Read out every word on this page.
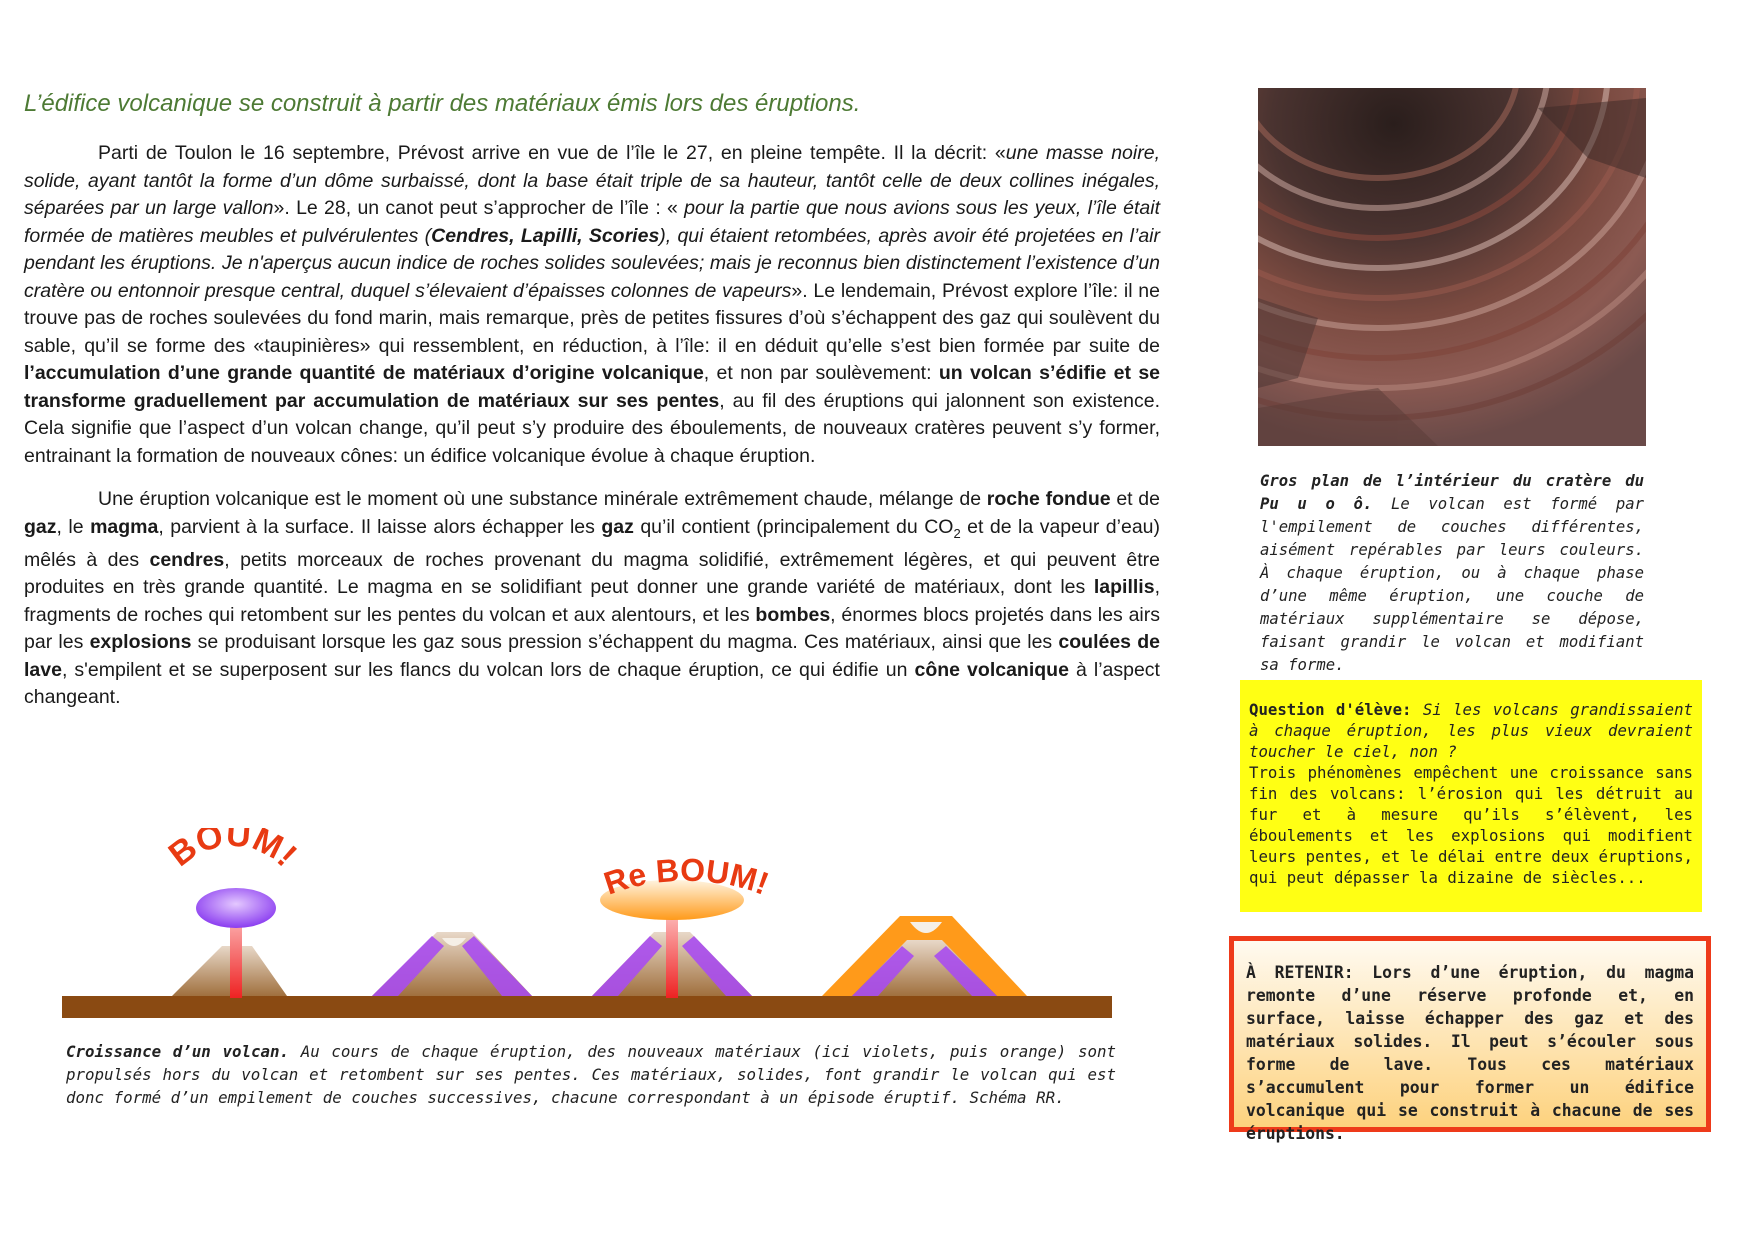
L’édifice volcanique se construit à partir des matériaux émis lors des éruptions.

Parti de Toulon le 16 septembre, Prévost arrive en vue de l’île le 27, en pleine tempête. Il la décrit: «une masse noire, solide, ayant tantôt la forme d’un dôme surbaissé, dont la base était triple de sa hauteur, tantôt celle de deux collines inégales, séparées par un large vallon». Le 28, un canot peut s’approcher de l’île : « pour la partie que nous avions sous les yeux, l’île était formée de matières meubles et pulvérulentes (Cendres, Lapilli, Scories), qui étaient retombées, après avoir été projetées en l’air pendant les éruptions. Je n'aperçus aucun indice de roches solides soulevées; mais je reconnus bien distinctement l’existence d’un cratère ou entonnoir presque central, duquel s’élevaient d’épaisses colonnes de vapeurs». Le lendemain, Prévost explore l’île: il ne trouve pas de roches soulevées du fond marin, mais remarque, près de petites fissures d’où s’échappent des gaz qui soulèvent du sable, qu’il se forme des «taupinières» qui ressemblent, en réduction, à l’île: il en déduit qu’elle s’est bien formée par suite de l’accumulation d’une grande quantité de matériaux d’origine volcanique, et non par soulèvement: un volcan s’édifie et se transforme graduellement par accumulation de matériaux sur ses pentes, au fil des éruptions qui jalonnent son existence. Cela signifie que l’aspect d’un volcan change, qu’il peut s’y produire des éboulements, de nouveaux cratères peuvent s’y former, entrainant la formation de nouveaux cônes: un édifice volcanique évolue à chaque éruption.

Une éruption volcanique est le moment où une substance minérale extrêmement chaude, mélange de roche fondue et de gaz, le magma, parvient à la surface. Il laisse alors échapper les gaz qu’il contient (principalement du $CO_2$ et de la vapeur d’eau) mêlés à des cendres, petits morceaux de roches provenant du magma solidifié, extrêmement légères, et qui peuvent être produites en très grande quantité. Le magma en se solidifiant peut donner une grande variété de matériaux, dont les lapillis, fragments de roches qui retombent sur les pentes du volcan et aux alentours, et les bombes, énormes blocs projetés dans les airs par les explosions se produisant lorsque les gaz sous pression s’échappent du magma. Ces matériaux, ainsi que les coulées de lave, s'empilent et se superposent sur les flancs du volcan lors de chaque éruption, ce qui édifie un cône volcanique à l’aspect changeant.

Gros plan de l’intérieur du cratère du Pu u o ô. Le volcan est formé par l'empilement de couches différentes, aisément repérables par leurs couleurs. À chaque éruption, ou à chaque phase d’une même éruption, une couche de matériaux supplémentaire se dépose, faisant grandir le volcan et modifiant sa forme.
Question d'élève: Si les volcans grandissaient à chaque éruption, les plus vieux devraient toucher le ciel, non ?
Trois phénomènes empêchent une croissance sans fin des volcans: l’érosion qui les détruit au fur et à mesure qu’ils s’élèvent, les éboulements et les explosions qui modifient leurs pentes, et le délai entre deux éruptions, qui peut dépasser la dizaine de siècles...
À RETENIR: Lors d’une éruption, du magma remonte d’une réserve profonde et, en surface, laisse échapper des gaz et des matériaux solides. Il peut s’écouler sous forme de lave. Tous ces matériaux s’accumulent pour former un édifice volcanique qui se construit à chacune de ses éruptions.
BOUM!
Re BOUM!
Croissance d’un volcan. Au cours de chaque éruption, des nouveaux matériaux (ici violets, puis orange) sont propulsés hors du volcan et retombent sur ses pentes. Ces matériaux, solides, font grandir le volcan qui est donc formé d’un empilement de couches successives, chacune correspondant à un épisode éruptif. Schéma RR.
